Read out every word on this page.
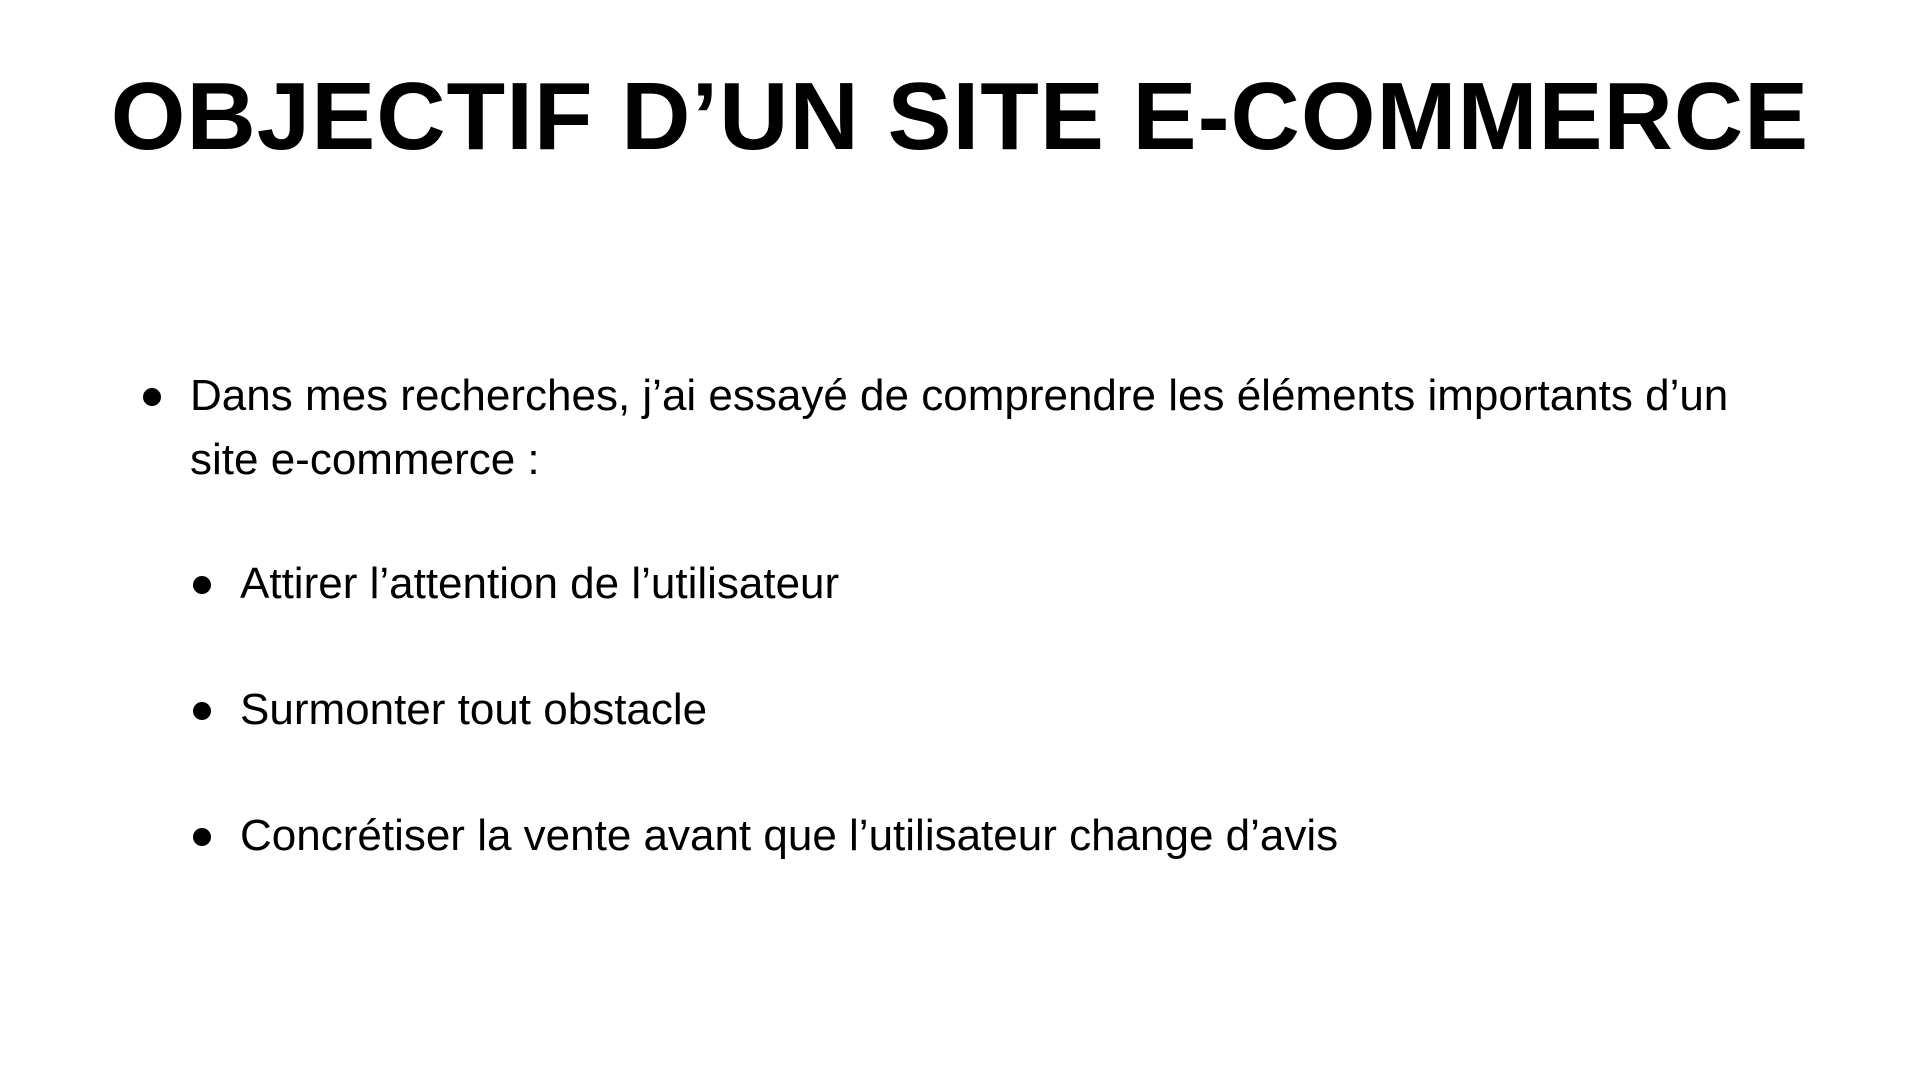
OBJECTIF D’UN SITE E-COMMERCE
Dans mes recherches, j’ai essayé de comprendre les éléments importants d’un site e-commerce :
Attirer l’attention de l’utilisateur
Surmonter tout obstacle
Concrétiser la vente avant que l’utilisateur change d’avis
